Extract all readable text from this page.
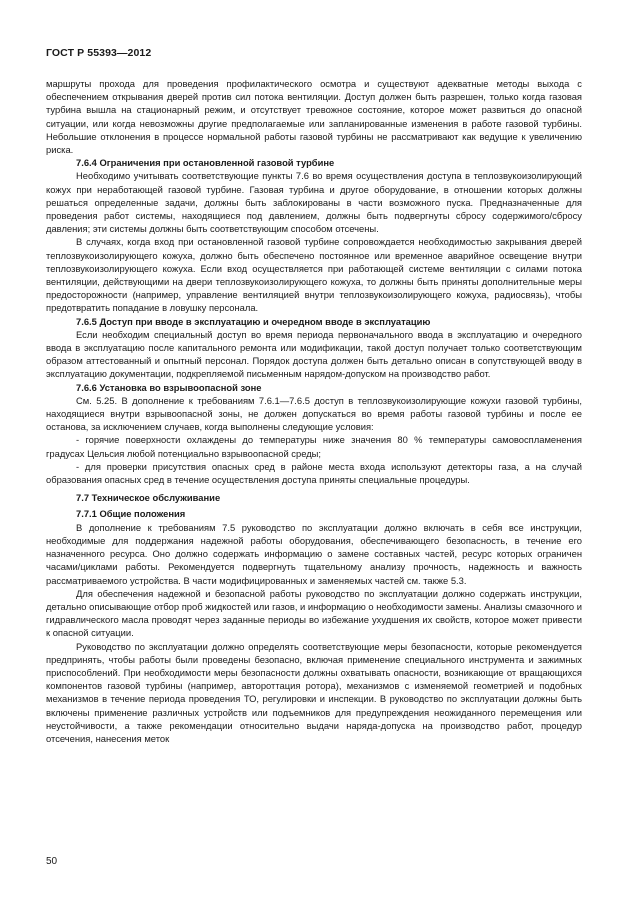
ГОСТ Р 55393—2012

маршруты прохода для проведения профилактического осмотра и существуют адекватные методы выхода с обеспечением открывания дверей против сил потока вентиляции. Доступ должен быть разрешен, только когда газовая турбина вышла на стационарный режим, и отсутствует тревожное состояние, которое может развиться до опасной ситуации, или когда невозможны другие предполагаемые или запланированные изменения в работе газовой турбины. Небольшие отклонения в процессе нормальной работы газовой турбины не рассматривают как ведущие к увеличению риска.

7.6.4 Ограничения при остановленной газовой турбине

Необходимо учитывать соответствующие пункты 7.6 во время осуществления доступа в теплозвукоизолирующий кожух при неработающей газовой турбине. Газовая турбина и другое оборудование, в отношении которых должны решаться определенные задачи, должны быть заблокированы в части возможного пуска. Предназначенные для проведения работ системы, находящиеся под давлением, должны быть подвергнуты сбросу содержимого/сбросу давления; эти системы должны быть соответствующим способом отсечены.

В случаях, когда вход при остановленной газовой турбине сопровождается необходимостью закрывания дверей теплозвукоизолирующего кожуха, должно быть обеспечено постоянное или временное аварийное освещение внутри теплозвукоизолирующего кожуха. Если вход осуществляется при работающей системе вентиляции с силами потока вентиляции, действующими на двери теплозвукоизолирующего кожуха, то должны быть приняты дополнительные меры предосторожности (например, управление вентиляцией внутри теплозвукоизолирующего кожуха, радиосвязь), чтобы предотвратить попадание в ловушку персонала.

7.6.5 Доступ при вводе в эксплуатацию и очередном вводе в эксплуатацию

Если необходим специальный доступ во время периода первоначального ввода в эксплуатацию и очередного ввода в эксплуатацию после капитального ремонта или модификации, такой доступ получает только соответствующим образом аттестованный и опытный персонал. Порядок доступа должен быть детально описан в сопутствующей вводу в эксплуатацию документации, подкрепляемой письменным нарядом-допуском на производство работ.

7.6.6 Установка во взрывоопасной зоне

См. 5.25. В дополнение к требованиям 7.6.1—7.6.5 доступ в теплозвукоизолирующие кожухи газовой турбины, находящиеся внутри взрывоопасной зоны, не должен допускаться во время работы газовой турбины и после ее останова, за исключением случаев, когда выполнены следующие условия:

- горячие поверхности охлаждены до температуры ниже значения 80 % температуры самовоспламенения градусах Цельсия любой потенциально взрывоопасной среды;

- для проверки присутствия опасных сред в районе места входа используют детекторы газа, а на случай образования опасных сред в течение осуществления доступа приняты специальные процедуры.

7.7 Техническое обслуживание
7.7.1 Общие положения

В дополнение к требованиям 7.5 руководство по эксплуатации должно включать в себя все инструкции, необходимые для поддержания надежной работы оборудования, обеспечивающего безопасность, в течение его назначенного ресурса. Оно должно содержать информацию о замене составных частей, ресурс которых ограничен часами/циклами работы. Рекомендуется подвергнуть тщательному анализу прочность, надежность и важность рассматриваемого устройства. В части модифицированных и заменяемых частей см. также 5.3.

Для обеспечения надежной и безопасной работы руководство по эксплуатации должно содержать инструкции, детально описывающие отбор проб жидкостей или газов, и информацию о необходимости замены. Анализы смазочного и гидравлического масла проводят через заданные периоды во избежание ухудшения их свойств, которое может привести к опасной ситуации.

Руководство по эксплуатации должно определять соответствующие меры безопасности, которые рекомендуется предпринять, чтобы работы были проведены безопасно, включая применение специального инструмента и зажимных приспособлений. При необходимости меры безопасности должны охватывать опасности, возникающие от вращающихся компонентов газовой турбины (например, автороттация ротора), механизмов с изменяемой геометрией и подобных механизмов в течение периода проведения ТО, регулировки и инспекции. В руководство по эксплуатации должны быть включены применение различных устройств или подъемников для предупреждения неожиданного перемещения или неустойчивости, а также рекомендации относительно выдачи наряда-допуска на производство работ, процедур отсечения, нанесения меток

50
